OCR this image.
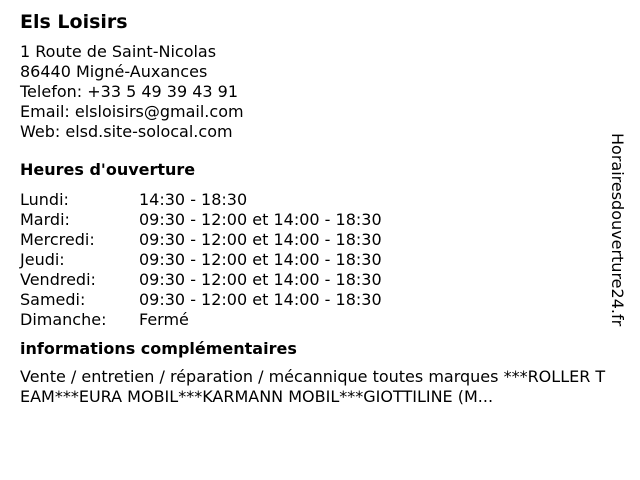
Els Loisirs
1 Route de Saint-Nicolas
86440 Migné-Auxances
Telefon: +33 5 49 39 43 91
Email: elsloisirs@gmail.com
Web: elsd.site-solocal.com
Heures d'ouverture
Lundi:	14:30 - 18:30
Mardi:	09:30 - 12:00 et 14:00 - 18:30
Mercredi:	09:30 - 12:00 et 14:00 - 18:30
Jeudi:	09:30 - 12:00 et 14:00 - 18:30
Vendredi:	09:30 - 12:00 et 14:00 - 18:30
Samedi:	09:30 - 12:00 et 14:00 - 18:30
Dimanche:	Fermé
informations complémentaires
Vente / entretien / réparation / mécannique toutes marques ***ROLLER TEAM***EURA MOBIL***KARMANN MOBIL***GIOTTILINE (M...
Horairesdouverture24.fr
